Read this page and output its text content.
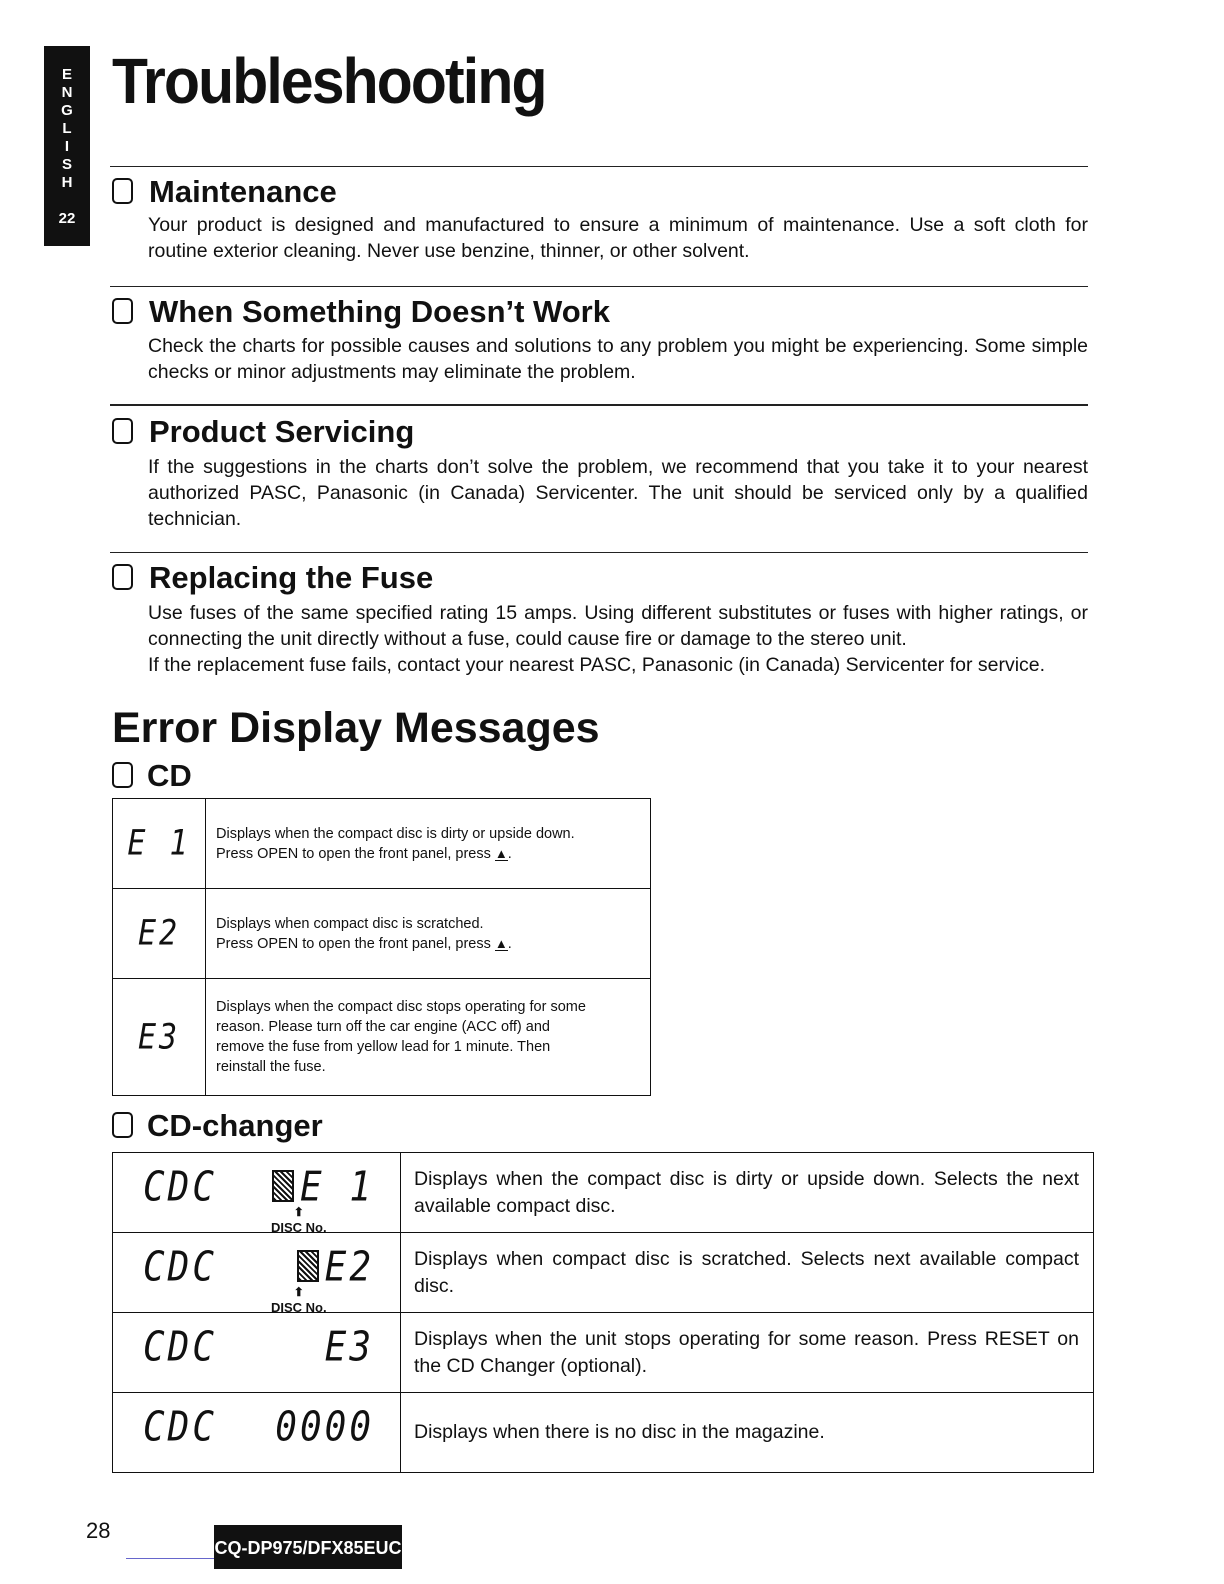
E
N
G
L
I
S
H
22
Troubleshooting
Maintenance

Your product is designed and manufactured to ensure a minimum of maintenance. Use a soft cloth for routine exterior cleaning. Never use benzine, thinner, or other solvent.

When Something Doesn’t Work

Check the charts for possible causes and solutions to any problem you might be experiencing. Some simple checks or minor adjustments may eliminate the problem.

Product Servicing

If the suggestions in the charts don’t solve the problem, we recommend that you take it to your nearest authorized PASC, Panasonic (in Canada) Servicenter. The unit should be serviced only by a qualified technician.

Replacing the Fuse

Use fuses of the same specified rating 15 amps. Using different substitutes or fuses with higher ratings, or connecting the unit directly without a fuse, could cause fire or damage to the stereo unit.

If the replacement fuse fails, contact your nearest PASC, Panasonic (in Canada) Servicenter for service.

Error Display Messages
CD
E 1	Displays when the compact disc is dirty or upside down.
Press OPEN to open the front panel, press ▲.

E2	Displays when compact disc is scratched.
Press OPEN to open the front panel, press ▲.

E3	Displays when the compact disc stops operating for some
reason. Please turn off the car engine (ACC off) and
remove the fuse from yellow lead for 1 minute. Then
reinstall the fuse.
CD-changer
CDC E 1
⬆
DISC No.	Displays when the compact disc is dirty or upside down. Selects the next available compact disc.

CDC E2
⬆
DISC No.	Displays when compact disc is scratched. Selects next available compact disc.

CDC E3	Displays when the unit stops operating for some reason. Press RESET on the CD Changer (optional).

CDC 0000	Displays when there is no disc in the magazine.

28

CQ-DP975/DFX85EUC
